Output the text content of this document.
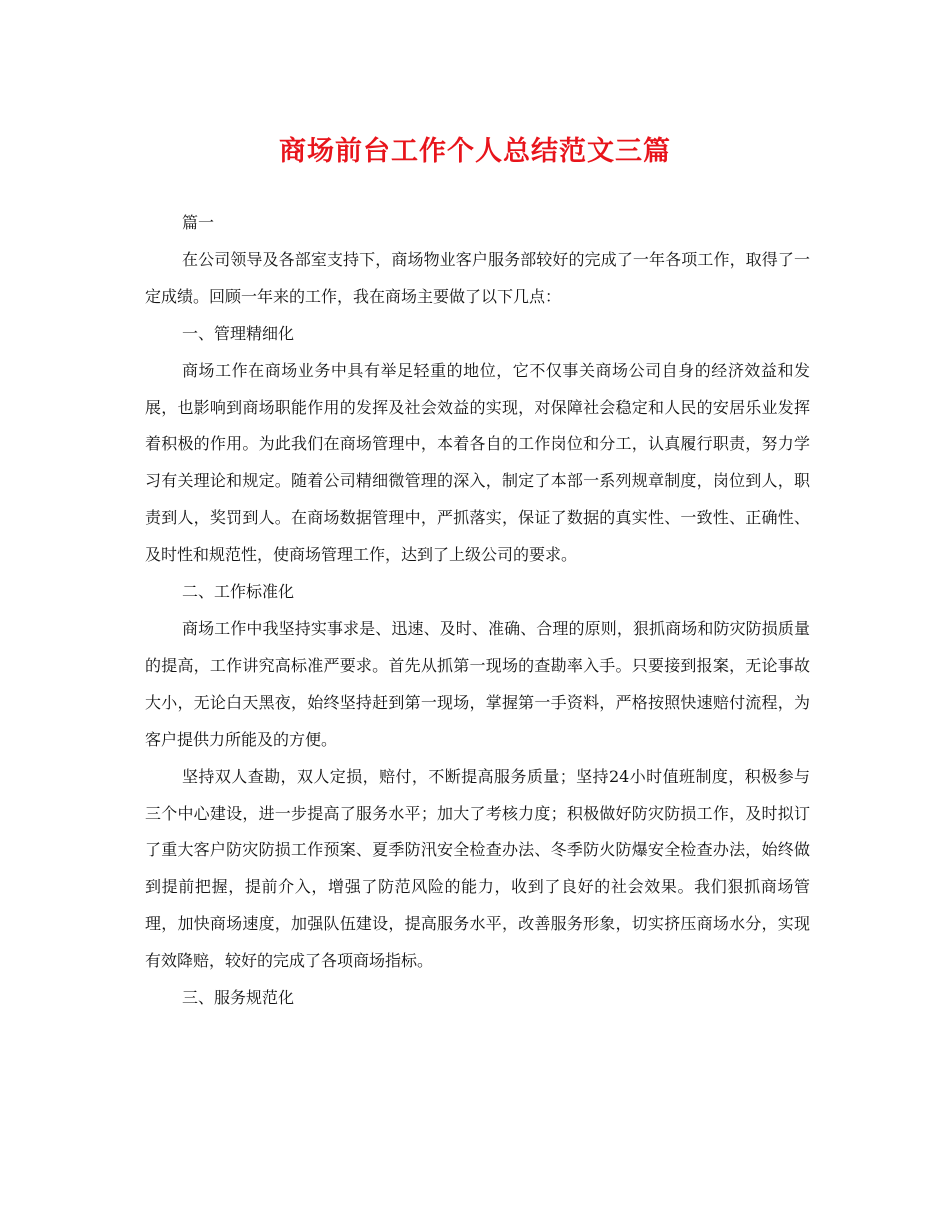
商场前台工作个人总结范文三篇

篇一

在公司领导及各部室支持下，商场物业客户服务部较好的完成了一年各项工作，取得了一定成绩。回顾一年来的工作，我在商场主要做了以下几点：

一、管理精细化

商场工作在商场业务中具有举足轻重的地位，它不仅事关商场公司自身的经济效益和发展，也影响到商场职能作用的发挥及社会效益的实现，对保障社会稳定和人民的安居乐业发挥着积极的作用。为此我们在商场管理中，本着各自的工作岗位和分工，认真履行职责，努力学习有关理论和规定。随着公司精细微管理的深入，制定了本部一系列规章制度，岗位到人，职责到人，奖罚到人。在商场数据管理中，严抓落实，保证了数据的真实性、一致性、正确性、及时性和规范性，使商场管理工作，达到了上级公司的要求。

二、工作标准化

商场工作中我坚持实事求是、迅速、及时、准确、合理的原则，狠抓商场和防灾防损质量的提高，工作讲究高标准严要求。首先从抓第一现场的查勘率入手。只要接到报案，无论事故大小，无论白天黑夜，始终坚持赶到第一现场，掌握第一手资料，严格按照快速赔付流程，为客户提供力所能及的方便。

坚持双人查勘，双人定损，赔付，不断提高服务质量；坚持24小时值班制度，积极参与三个中心建设，进一步提高了服务水平；加大了考核力度；积极做好防灾防损工作，及时拟订了重大客户防灾防损工作预案、夏季防汛安全检查办法、冬季防火防爆安全检查办法，始终做到提前把握，提前介入，增强了防范风险的能力，收到了良好的社会效果。我们狠抓商场管理，加快商场速度，加强队伍建设，提高服务水平，改善服务形象，切实挤压商场水分，实现有效降赔，较好的完成了各项商场指标。

三、服务规范化
